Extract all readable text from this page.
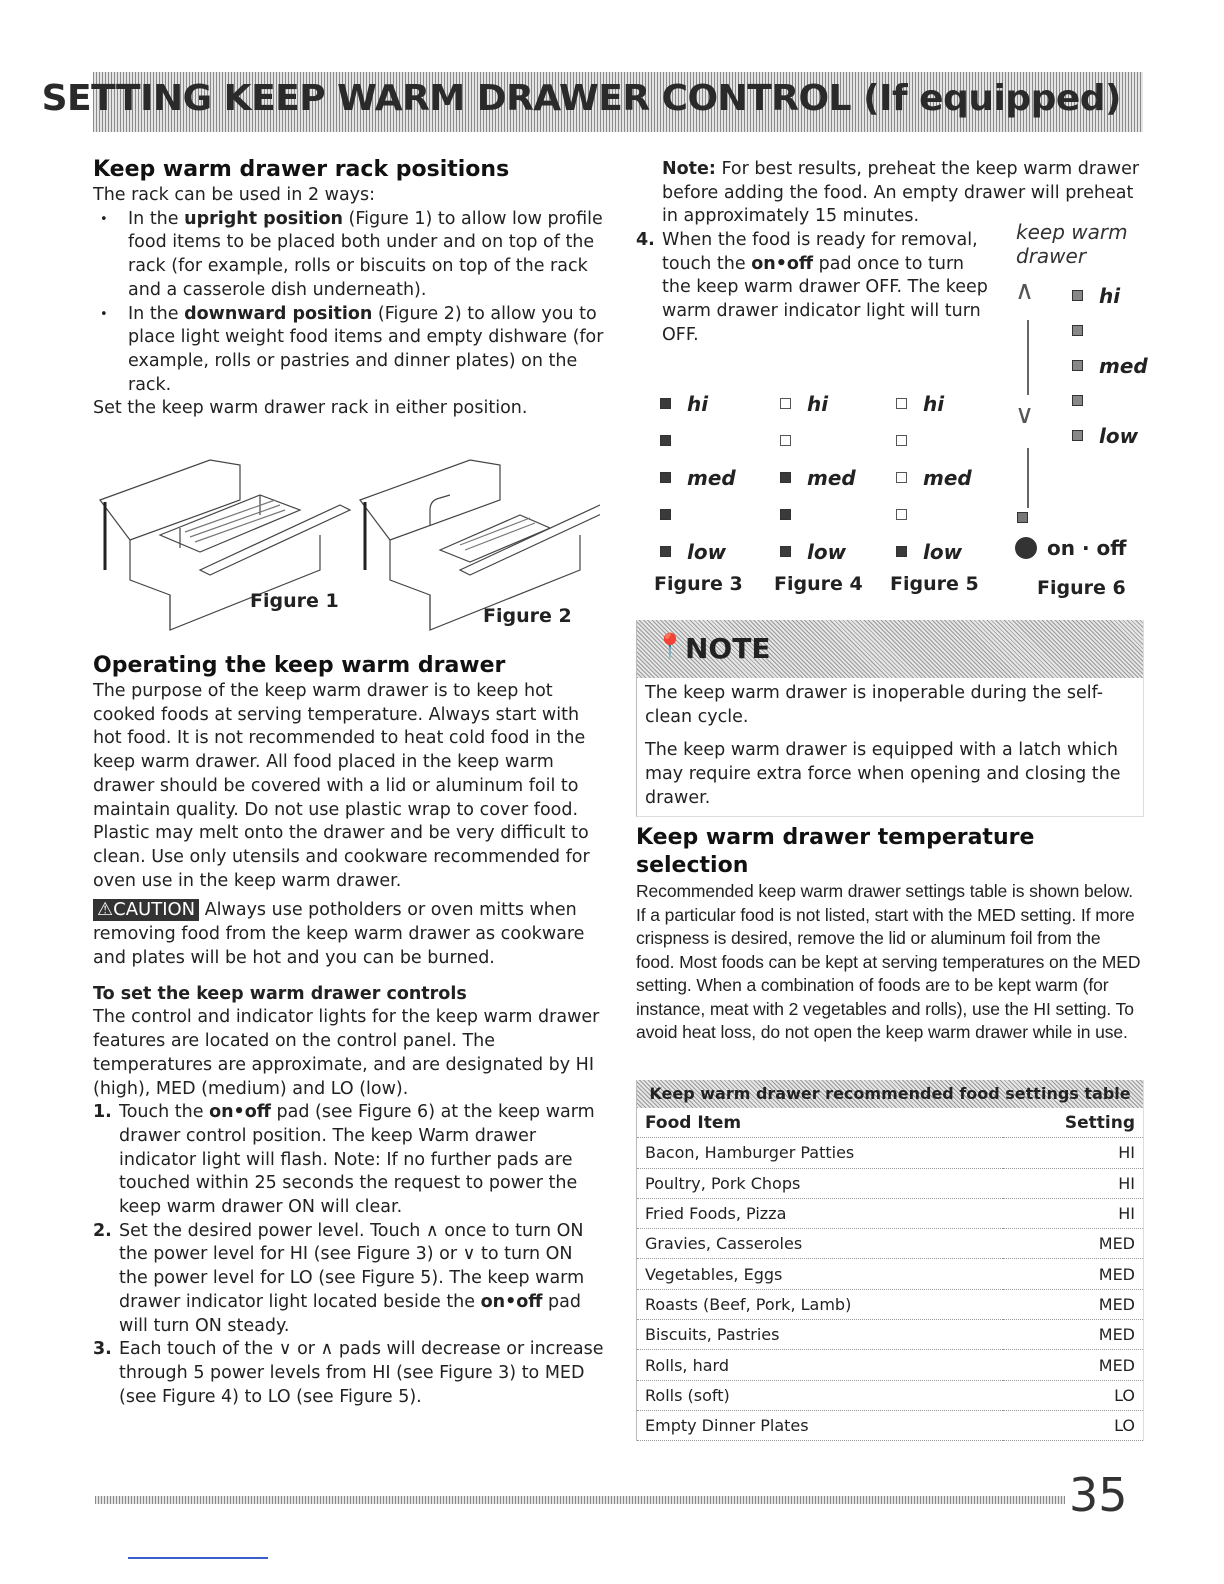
SETTING KEEP WARM DRAWER CONTROL (If equipped)
Keep warm drawer rack positions

The rack can be used in 2 ways:

• In the upright position (Figure 1) to allow low profile food items to be placed both under and on top of the rack (for example, rolls or biscuits on top of the rack and a casserole dish underneath).
• In the downward position (Figure 2) to allow you to place light weight food items and empty dishware (for example, rolls or pastries and dinner plates) on the rack.

Set the keep warm drawer rack in either position.

Figure 1
Figure 2
Operating the keep warm drawer

The purpose of the keep warm drawer is to keep hot cooked foods at serving temperature. Always start with hot food. It is not recommended to heat cold food in the keep warm drawer. All food placed in the keep warm drawer should be covered with a lid or aluminum foil to maintain quality. Do not use plastic wrap to cover food. Plastic may melt onto the drawer and be very difficult to clean. Use only utensils and cookware recommended for oven use in the keep warm drawer.

⚠CAUTION Always use potholders or oven mitts when removing food from the keep warm drawer as cookware and plates will be hot and you can be burned.

To set the keep warm drawer controls

The control and indicator lights for the keep warm drawer features are located on the control panel. The temperatures are approximate, and are designated by HI (high), MED (medium) and LO (low).

1. Touch the on•off pad (see Figure 6) at the keep warm drawer control position. The keep Warm drawer indicator light will flash. Note: If no further pads are touched within 25 seconds the request to power the keep warm drawer ON will clear.
2. Set the desired power level. Touch ∧ once to turn ON the power level for HI (see Figure 3) or ∨ to turn ON the power level for LO (see Figure 5). The keep warm drawer indicator light located beside the on•off pad will turn ON steady.
3. Each touch of the ∨ or ∧ pads will decrease or increase through 5 power levels from HI (see Figure 3) to MED (see Figure 4) to LO (see Figure 5).

Note: For best results, preheat the keep warm drawer before adding the food. An empty drawer will preheat in approximately 15 minutes.

4. When the food is ready for removal, touch the on•off pad once to turn the keep warm drawer OFF. The keep warm drawer indicator light will turn OFF.
hi
med
low
Figure 3
hi
med
low
Figure 4
hi
med
low
Figure 5
keep warm drawer
∧
∨
hi
med
low
on · off
Figure 6
📍 NOTE

The keep warm drawer is inoperable during the self-clean cycle.

The keep warm drawer is equipped with a latch which may require extra force when opening and closing the drawer.

Keep warm drawer temperature selection

Recommended keep warm drawer settings table is shown below. If a particular food is not listed, start with the MED setting. If more crispness is desired, remove the lid or aluminum foil from the food. Most foods can be kept at serving temperatures on the MED setting. When a combination of foods are to be kept warm (for instance, meat with 2 vegetables and rolls), use the HI setting. To avoid heat loss, do not open the keep warm drawer while in use.

Keep warm drawer recommended food settings table
Food Item	Setting
Bacon, Hamburger Patties	HI
Poultry, Pork Chops	HI
Fried Foods, Pizza	HI
Gravies, Casseroles	MED
Vegetables, Eggs	MED
Roasts (Beef, Pork, Lamb)	MED
Biscuits, Pastries	MED
Rolls, hard	MED
Rolls (soft)	LO
Empty Dinner Plates	LO
35
